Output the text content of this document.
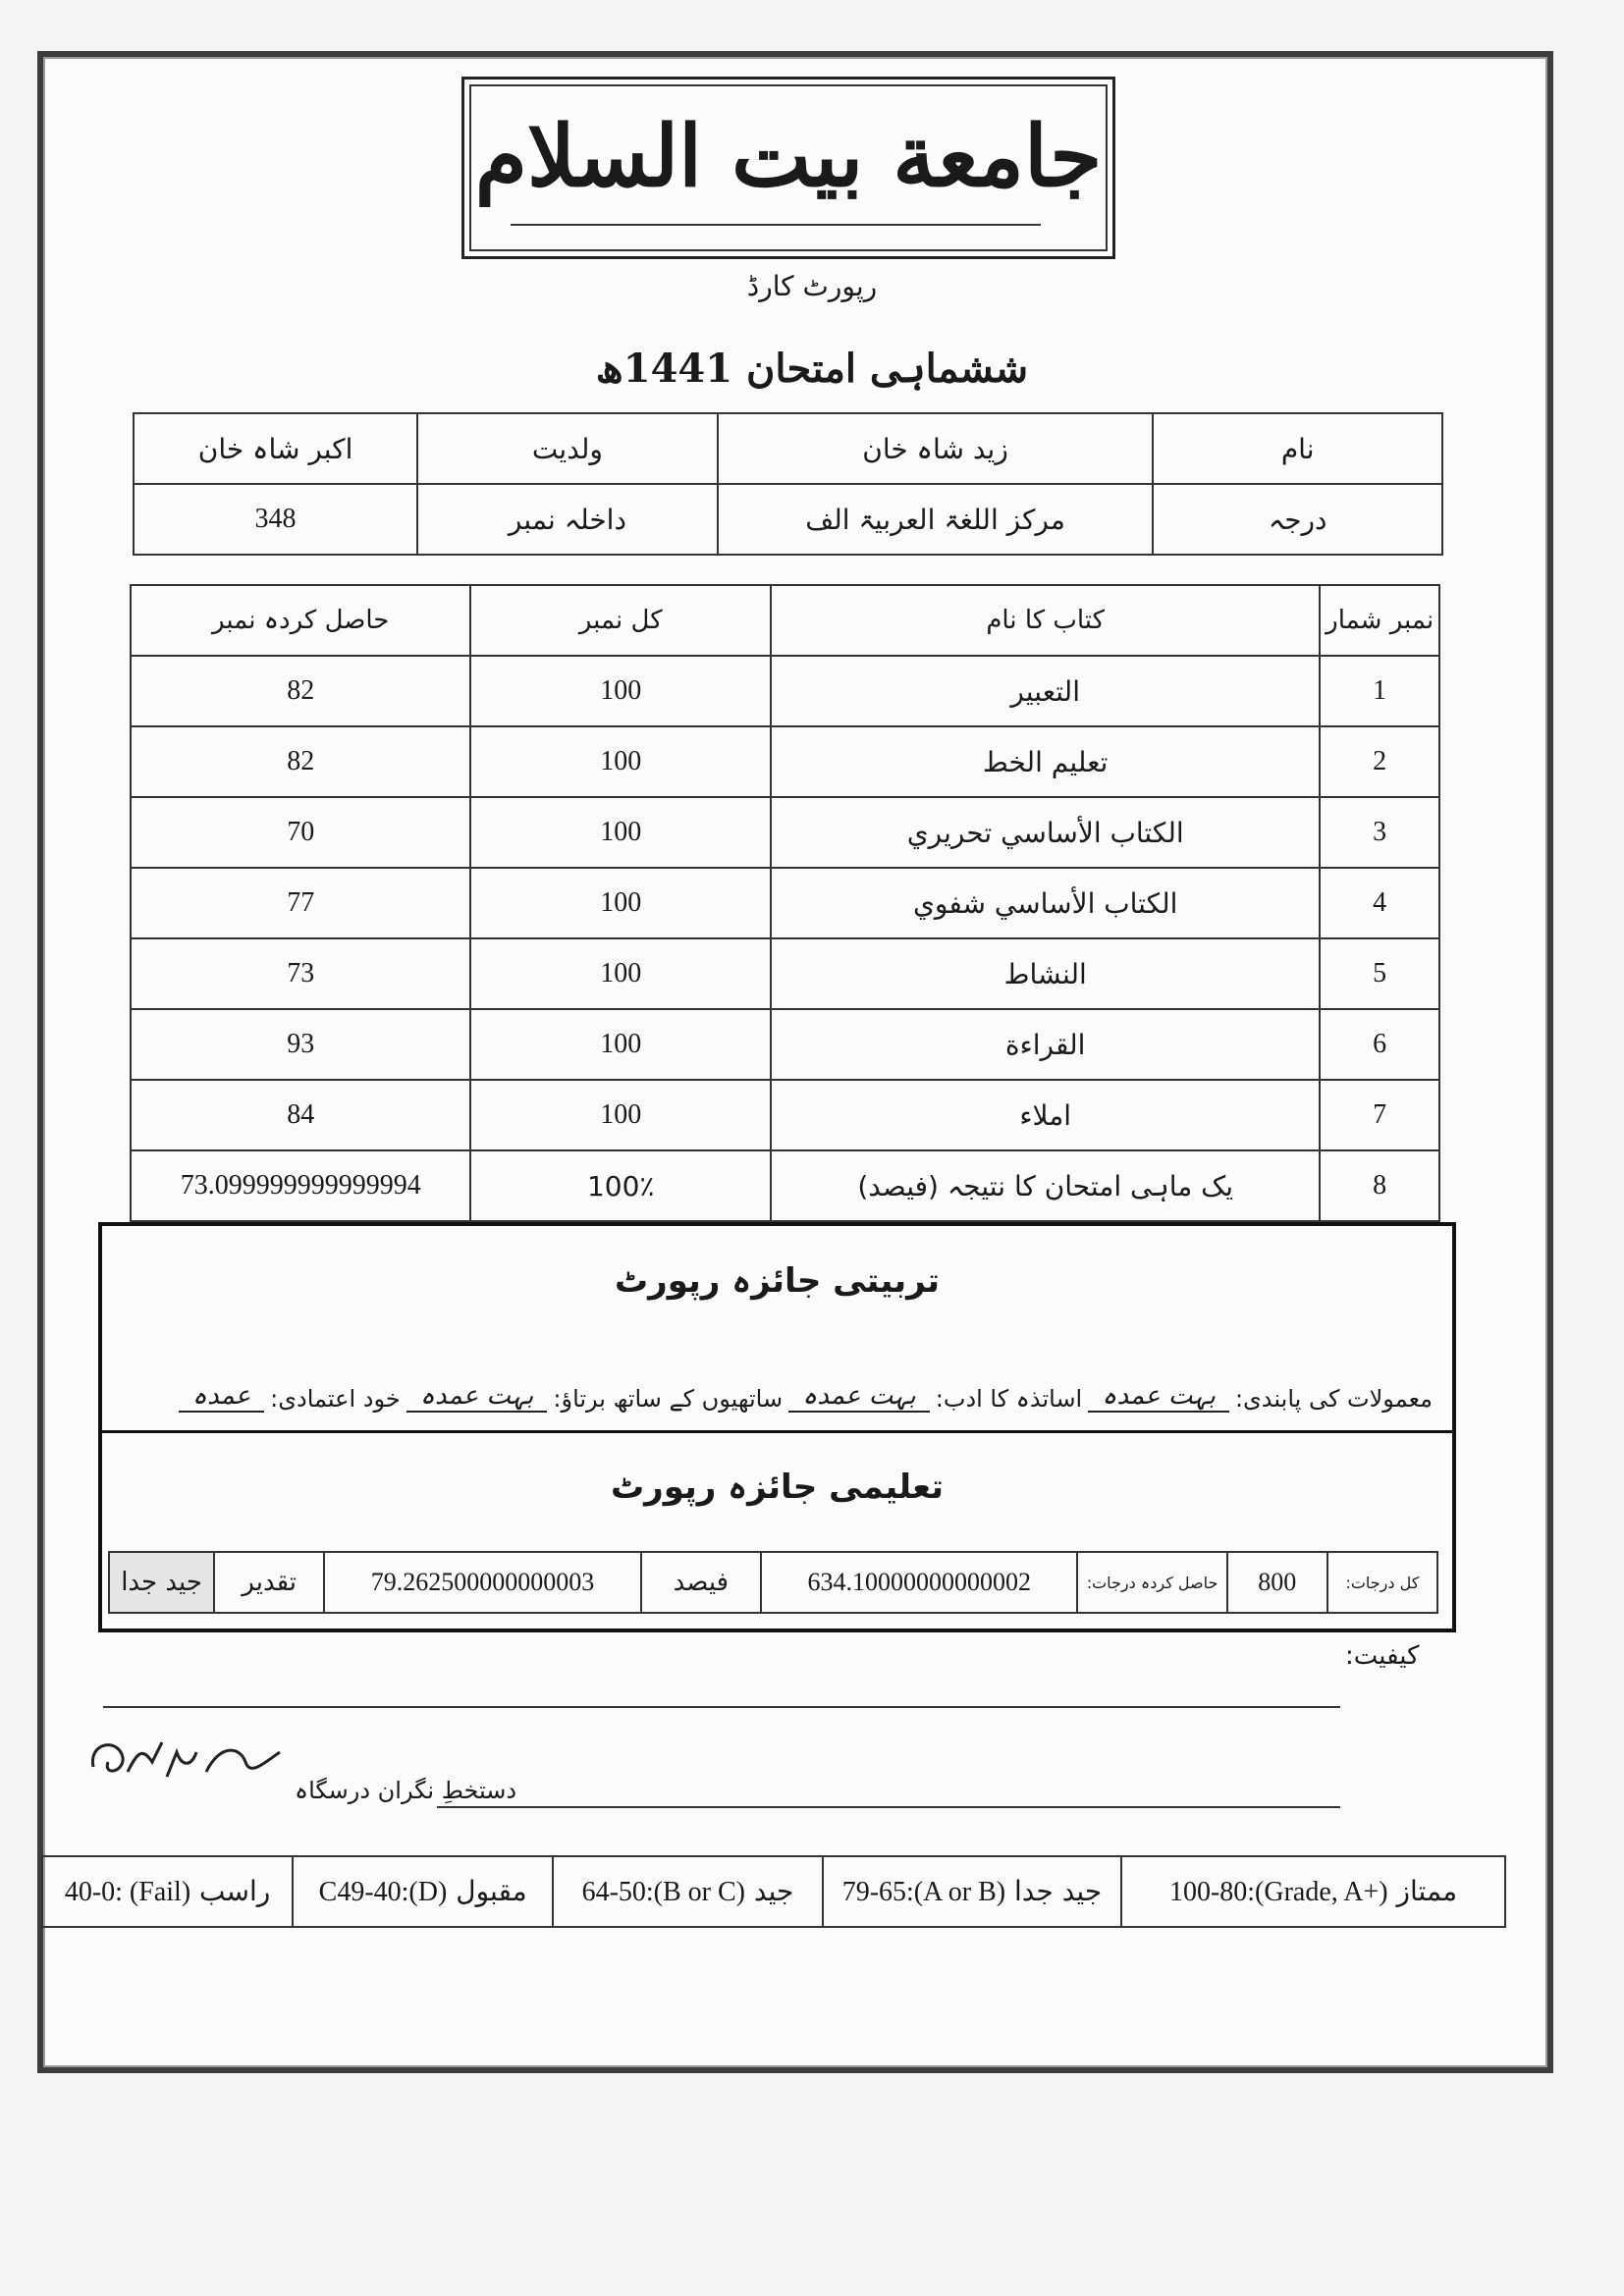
جامعة بيت السلام
رپورٹ کارڈ
ششماہی امتحان 1441ھ
اکبر شاہ خان	ولدیت	زید شاہ خان	نام
348	داخلہ نمبر	مرکز اللغۃ العربیۃ الف	درجہ
حاصل کردہ نمبر	کل نمبر	کتاب کا نام	نمبر شمار
82	100	التعبير	1
82	100	تعليم الخط	2
70	100	الكتاب الأساسي تحريري	3
77	100	الكتاب الأساسي شفوي	4
73	100	النشاط	5
93	100	القراءة	6
84	100	املاء	7
73.099999999999994	100٪	یک ماہی امتحان کا نتیجہ (فیصد)	8
تربیتی جائزہ رپورٹ
معمولات کی پابندی:
بہت عمدہ
اساتذہ کا ادب:
بہت عمدہ
ساتھیوں کے ساتھ برتاؤ:
بہت عمدہ
خود اعتمادی:
عمدہ
تعلیمی جائزہ رپورٹ
جید جدا	تقدیر	79.262500000000003	فیصد	634.10000000000002	حاصل کردہ درجات:	800	کل درجات:
کیفیت:
دستخطِ نگران درسگاہ
40-0: (Fail) راسب	C49-40:(D) مقبول	64-50:(B or C) جید	79-65:(A or B) جید جدا	100-80:(Grade, A+) ممتاز
